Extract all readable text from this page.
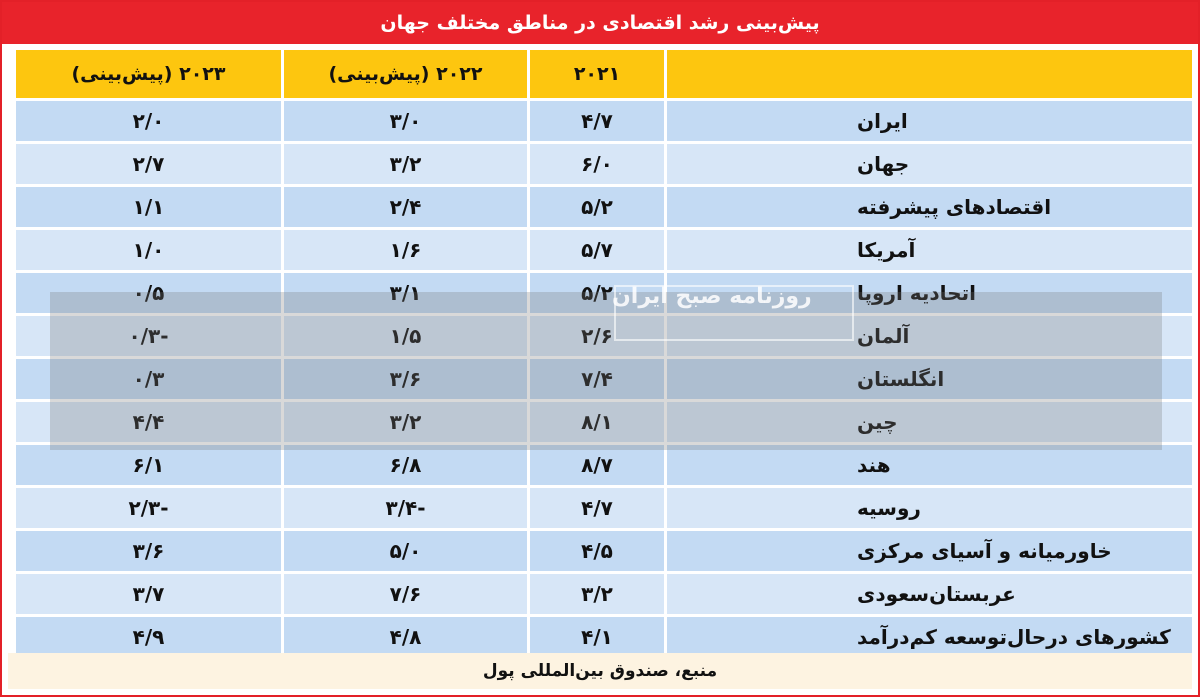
پیش‌بینی رشد اقتصادی در مناطق مختلف جهان
۲۰۲۱
۲۰۲۲ (پیش‌بینی)
۲۰۲۳ (پیش‌بینی)
ایران
۴/۷
۳/۰
۲/۰
جهان
۶/۰
۳/۲
۲/۷
اقتصادهای پیشرفته
۵/۲
۲/۴
۱/۱
آمریکا
۵/۷
۱/۶
۱/۰
اتحادیه اروپا
۵/۲
۳/۱
۰/۵
آلمان
۲/۶
۱/۵
-۰/۳
انگلستان
۷/۴
۳/۶
۰/۳
چین
۸/۱
۳/۲
۴/۴
هند
۸/۷
۶/۸
۶/۱
روسیه
۴/۷
-۳/۴
-۲/۳
خاورمیانه و آسیای مرکزی
۴/۵
۵/۰
۳/۶
عربستان‌سعودی
۳/۲
۷/۶
۳/۷
کشورهای درحال‌توسعه کم‌درآمد
۴/۱
۴/۸
۴/۹
روزنامه صبح ایران
منبع، صندوق بین‌المللی پول
